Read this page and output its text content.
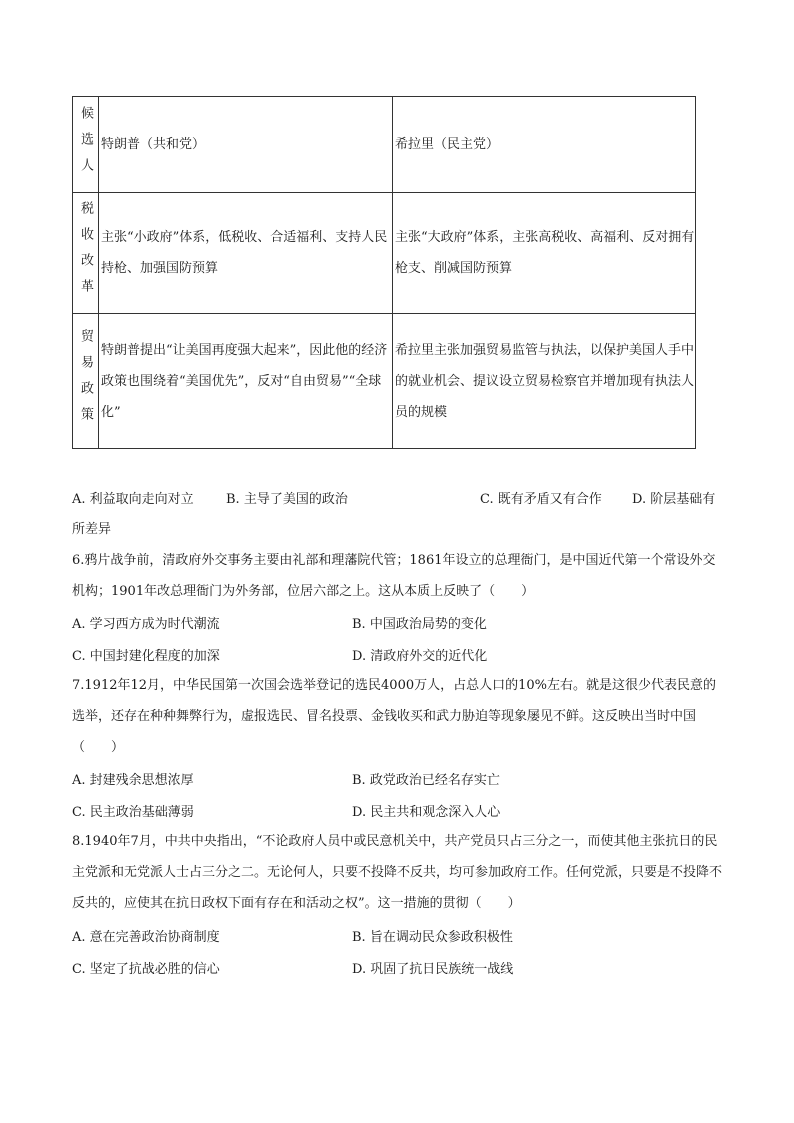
候选人	特朗普（共和党）	希拉里（民主党）
税收改革	主张“小政府”体系，低税收、合适福利、支持人民持枪、加强国防预算	主张“大政府”体系，主张高税收、高福利、反对拥有枪支、削减国防预算
贸易政策	特朗普提出“让美国再度强大起来”，因此他的经济政策也围绕着“美国优先”，反对“自由贸易”“全球化”	希拉里主张加强贸易监管与执法，以保护美国人手中的就业机会、提议设立贸易检察官并增加现有执法人员的规模
A. 利益取向走向对立 B. 主导了美国的政治	C. 既有矛盾又有合作 D. 阶层基础有
所差异
6.鸦片战争前，清政府外交事务主要由礼部和理藩院代管；1861年设立的总理衙门，是中国近代第一个常设外交机构；1901年改总理衙门为外务部，位居六部之上。这从本质上反映了（　　）
A. 学习西方成为时代潮流	B. 中国政治局势的变化
C. 中国封建化程度的加深	D. 清政府外交的近代化
7.1912年12月，中华民国第一次国会选举登记的选民4000万人，占总人口的10%左右。就是这很少代表民意的选举，还存在种种舞弊行为，虚报选民、冒名投票、金钱收买和武力胁迫等现象屡见不鲜。这反映出当时中国（　　）
A. 封建残余思想浓厚	B. 政党政治已经名存实亡
C. 民主政治基础薄弱	D. 民主共和观念深入人心
8.1940年7月，中共中央指出，“不论政府人员中或民意机关中，共产党员只占三分之一，而使其他主张抗日的民主党派和无党派人士占三分之二。无论何人，只要不投降不反共，均可参加政府工作。任何党派，只要是不投降不反共的，应使其在抗日政权下面有存在和活动之权”。这一措施的贯彻（　　）
A. 意在完善政治协商制度	B. 旨在调动民众参政积极性
C. 坚定了抗战必胜的信心	D. 巩固了抗日民族统一战线
